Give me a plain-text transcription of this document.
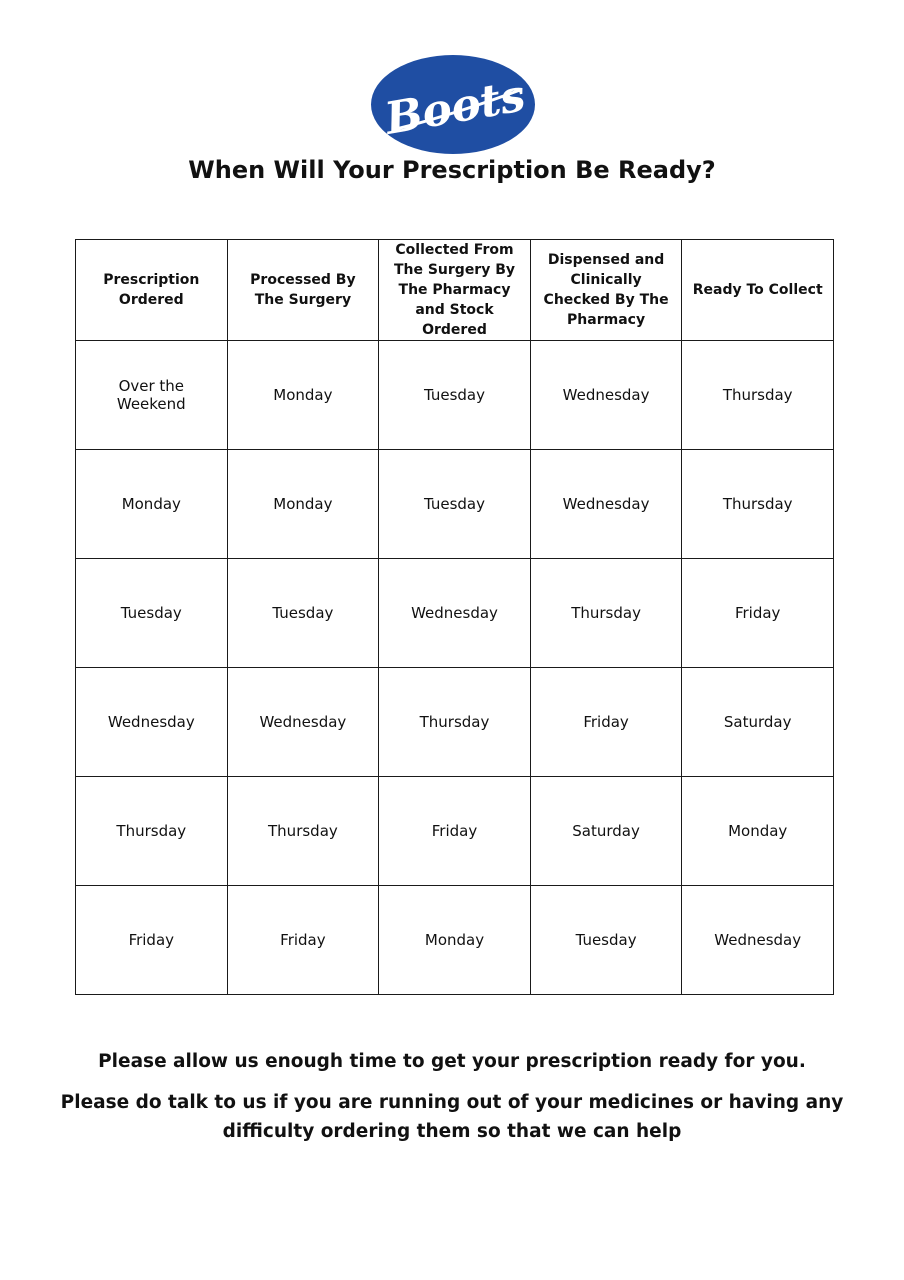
Boots
When Will Your Prescription Be Ready?
Prescription Ordered	Processed By The Surgery	Collected From The Surgery By The Pharmacy and Stock Ordered	Dispensed and Clinically Checked By The Pharmacy	Ready To Collect
Over the Weekend	Monday	Tuesday	Wednesday	Thursday
Monday	Monday	Tuesday	Wednesday	Thursday
Tuesday	Tuesday	Wednesday	Thursday	Friday
Wednesday	Wednesday	Thursday	Friday	Saturday
Thursday	Thursday	Friday	Saturday	Monday
Friday	Friday	Monday	Tuesday	Wednesday

Please allow us enough time to get your prescription ready for you.

Please do talk to us if you are running out of your medicines or having any difficulty ordering them so that we can help
